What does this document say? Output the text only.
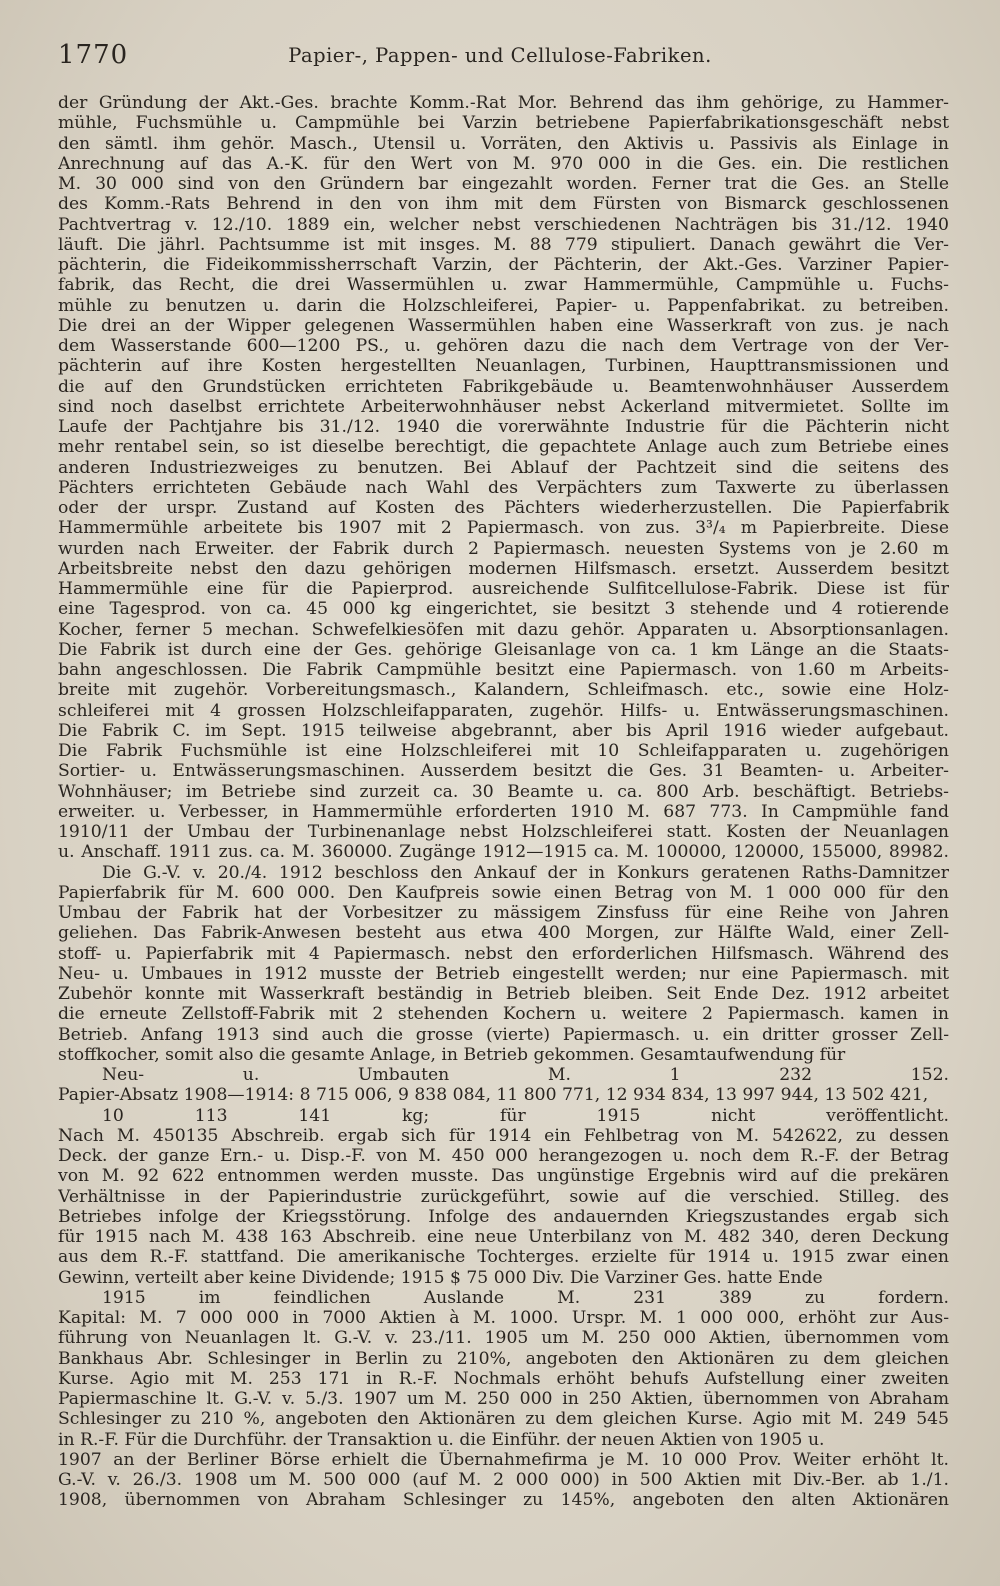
1770	Papier-, Pappen- und Cellulose-Fabriken.
der Gründung der Akt.-Ges. brachte Komm.-Rat Mor. Behrend das ihm gehörige, zu Hammer-
mühle, Fuchsmühle u. Campmühle bei Varzin betriebene Papierfabrikationsgeschäft nebst
den sämtl. ihm gehör. Masch., Utensil u. Vorräten, den Aktivis u. Passivis als Einlage in
Anrechnung auf das A.-K. für den Wert von M. 970 000 in die Ges. ein. Die restlichen
M. 30 000 sind von den Gründern bar eingezahlt worden. Ferner trat die Ges. an Stelle
des Komm.-Rats Behrend in den von ihm mit dem Fürsten von Bismarck geschlossenen
Pachtvertrag v. 12./10. 1889 ein, welcher nebst verschiedenen Nachträgen bis 31./12. 1940
läuft. Die jährl. Pachtsumme ist mit insges. M. 88 779 stipuliert. Danach gewährt die Ver-
pächterin, die Fideikommissherrschaft Varzin, der Pächterin, der Akt.-Ges. Varziner Papier-
fabrik, das Recht, die drei Wassermühlen u. zwar Hammermühle, Campmühle u. Fuchs-
mühle zu benutzen u. darin die Holzschleiferei, Papier- u. Pappenfabrikat. zu betreiben.
Die drei an der Wipper gelegenen Wassermühlen haben eine Wasserkraft von zus. je nach
dem Wasserstande 600—1200 PS., u. gehören dazu die nach dem Vertrage von der Ver-
pächterin auf ihre Kosten hergestellten Neuanlagen, Turbinen, Haupttransmissionen und
die auf den Grundstücken errichteten Fabrikgebäude u. Beamtenwohnhäuser Ausserdem
sind noch daselbst errichtete Arbeiterwohnhäuser nebst Ackerland mitvermietet. Sollte im
Laufe der Pachtjahre bis 31./12. 1940 die vorerwähnte Industrie für die Pächterin nicht
mehr rentabel sein, so ist dieselbe berechtigt, die gepachtete Anlage auch zum Betriebe eines
anderen Industriezweiges zu benutzen. Bei Ablauf der Pachtzeit sind die seitens des
Pächters errichteten Gebäude nach Wahl des Verpächters zum Taxwerte zu überlassen
oder der urspr. Zustand auf Kosten des Pächters wiederherzustellen. Die Papierfabrik
Hammermühle arbeitete bis 1907 mit 2 Papiermasch. von zus. 3³/₄ m Papierbreite. Diese
wurden nach Erweiter. der Fabrik durch 2 Papiermasch. neuesten Systems von je 2.60 m
Arbeitsbreite nebst den dazu gehörigen modernen Hilfsmasch. ersetzt. Ausserdem besitzt
Hammermühle eine für die Papierprod. ausreichende Sulfitcellulose-Fabrik. Diese ist für
eine Tagesprod. von ca. 45 000 kg eingerichtet, sie besitzt 3 stehende und 4 rotierende
Kocher, ferner 5 mechan. Schwefelkiesöfen mit dazu gehör. Apparaten u. Absorptionsanlagen.
Die Fabrik ist durch eine der Ges. gehörige Gleisanlage von ca. 1 km Länge an die Staats-
bahn angeschlossen. Die Fabrik Campmühle besitzt eine Papiermasch. von 1.60 m Arbeits-
breite mit zugehör. Vorbereitungsmasch., Kalandern, Schleifmasch. etc., sowie eine Holz-
schleiferei mit 4 grossen Holzschleifapparaten, zugehör. Hilfs- u. Entwässerungsmaschinen.
Die Fabrik C. im Sept. 1915 teilweise abgebrannt, aber bis April 1916 wieder aufgebaut.
Die Fabrik Fuchsmühle ist eine Holzschleiferei mit 10 Schleifapparaten u. zugehörigen
Sortier- u. Entwässerungsmaschinen. Ausserdem besitzt die Ges. 31 Beamten- u. Arbeiter-
Wohnhäuser; im Betriebe sind zurzeit ca. 30 Beamte u. ca. 800 Arb. beschäftigt. Betriebs-
erweiter. u. Verbesser, in Hammermühle erforderten 1910 M. 687 773. In Campmühle fand
1910/11 der Umbau der Turbinenanlage nebst Holzschleiferei statt. Kosten der Neuanlagen
u. Anschaff. 1911 zus. ca. M. 360000. Zugänge 1912—1915 ca. M. 100000, 120000, 155000, 89982.
Die G.-V. v. 20./4. 1912 beschloss den Ankauf der in Konkurs geratenen Raths-Damnitzer
Papierfabrik für M. 600 000. Den Kaufpreis sowie einen Betrag von M. 1 000 000 für den
Umbau der Fabrik hat der Vorbesitzer zu mässigem Zinsfuss für eine Reihe von Jahren
geliehen. Das Fabrik-Anwesen besteht aus etwa 400 Morgen, zur Hälfte Wald, einer Zell-
stoff- u. Papierfabrik mit 4 Papiermasch. nebst den erforderlichen Hilfsmasch. Während des
Neu- u. Umbaues in 1912 musste der Betrieb eingestellt werden; nur eine Papiermasch. mit
Zubehör konnte mit Wasserkraft beständig in Betrieb bleiben. Seit Ende Dez. 1912 arbeitet
die erneute Zellstoff-Fabrik mit 2 stehenden Kochern u. weitere 2 Papiermasch. kamen in
Betrieb. Anfang 1913 sind auch die grosse (vierte) Papiermasch. u. ein dritter grosser Zell-
stoffkocher, somit also die gesamte Anlage, in Betrieb gekommen. Gesamtaufwendung für
Neu- u. Umbauten M. 1 232 152.
Papier-Absatz 1908—1914: 8 715 006, 9 838 084, 11 800 771, 12 934 834, 13 997 944, 13 502 421,
10 113 141 kg; für 1915 nicht veröffentlicht.
Nach M. 450135 Abschreib. ergab sich für 1914 ein Fehlbetrag von M. 542622, zu dessen
Deck. der ganze Ern.- u. Disp.-F. von M. 450 000 herangezogen u. noch dem R.-F. der Betrag
von M. 92 622 entnommen werden musste. Das ungünstige Ergebnis wird auf die prekären
Verhältnisse in der Papierindustrie zurückgeführt, sowie auf die verschied. Stilleg. des
Betriebes infolge der Kriegsstörung. Infolge des andauernden Kriegszustandes ergab sich
für 1915 nach M. 438 163 Abschreib. eine neue Unterbilanz von M. 482 340, deren Deckung
aus dem R.-F. stattfand. Die amerikanische Tochterges. erzielte für 1914 u. 1915 zwar einen
Gewinn, verteilt aber keine Dividende; 1915 $ 75 000 Div. Die Varziner Ges. hatte Ende
1915 im feindlichen Auslande M. 231 389 zu fordern.
Kapital: M. 7 000 000 in 7000 Aktien à M. 1000. Urspr. M. 1 000 000, erhöht zur Aus-
führung von Neuanlagen lt. G.-V. v. 23./11. 1905 um M. 250 000 Aktien, übernommen vom
Bankhaus Abr. Schlesinger in Berlin zu 210%, angeboten den Aktionären zu dem gleichen
Kurse. Agio mit M. 253 171 in R.-F. Nochmals erhöht behufs Aufstellung einer zweiten
Papiermaschine lt. G.-V. v. 5./3. 1907 um M. 250 000 in 250 Aktien, übernommen von Abraham
Schlesinger zu 210 %, angeboten den Aktionären zu dem gleichen Kurse. Agio mit M. 249 545
in R.-F. Für die Durchführ. der Transaktion u. die Einführ. der neuen Aktien von 1905 u.
1907 an der Berliner Börse erhielt die Übernahmefirma je M. 10 000 Prov. Weiter erhöht lt.
G.-V. v. 26./3. 1908 um M. 500 000 (auf M. 2 000 000) in 500 Aktien mit Div.-Ber. ab 1./1.
1908, übernommen von Abraham Schlesinger zu 145%, angeboten den alten Aktionären
